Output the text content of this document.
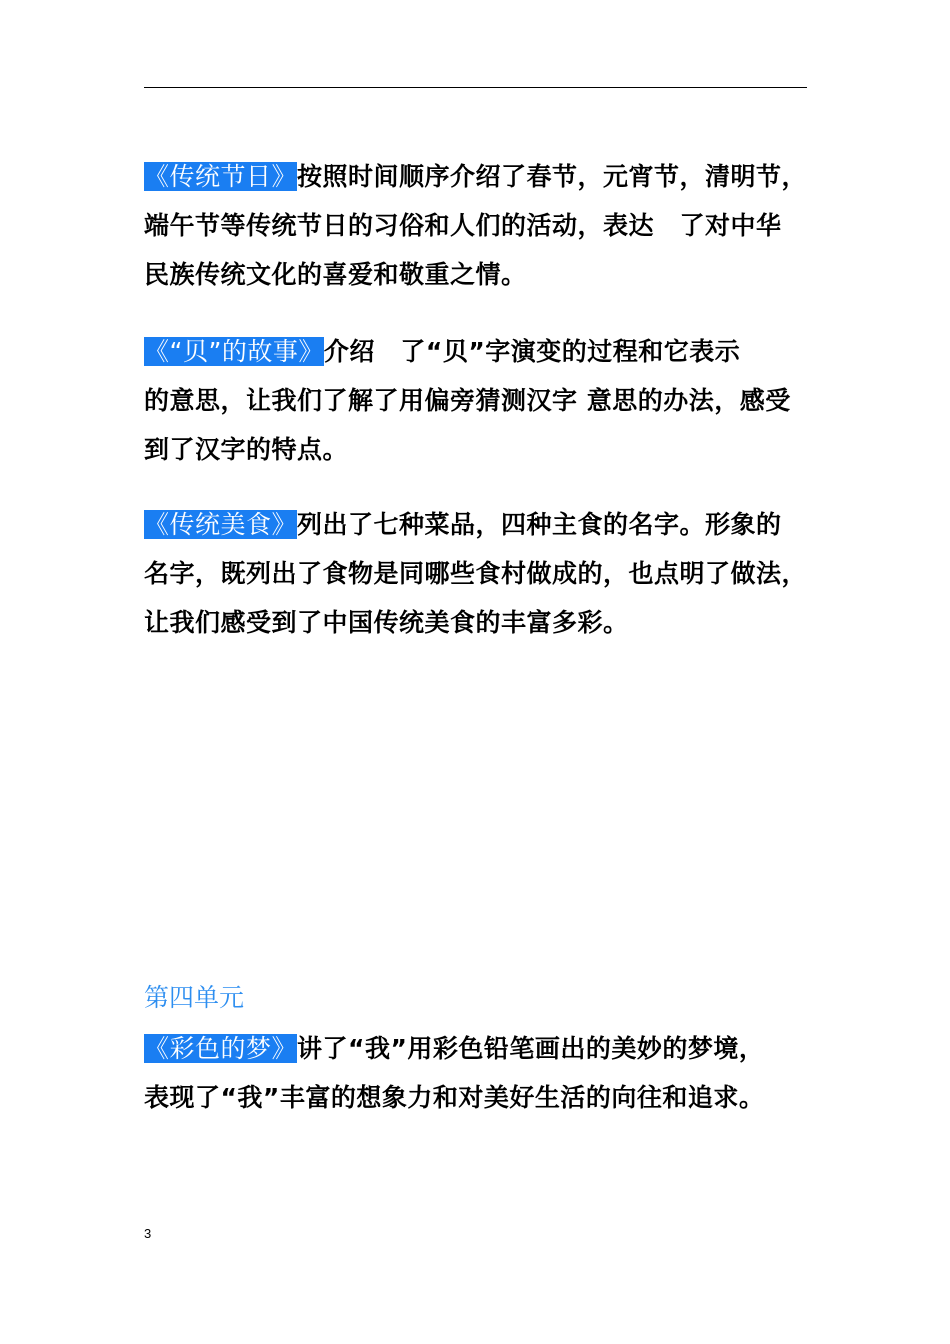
《传统节日》按照时间顺序介绍了春节，元宵节，清明节，
端午节等传统节日的习俗和人们的活动，表达　了对中华
民族传统文化的喜爱和敬重之情。

《“贝”的故事》介绍　了“贝”字演变的过程和它表示
的意思，让我们了解了用偏旁猜测汉字 意思的办法，感受
到了汉字的特点。

《传统美食》列出了七种菜品，四种主食的名字。形象的
名字，既列出了食物是同哪些食村做成的，也点明了做法，
让我们感受到了中国传统美食的丰富多彩。

第四单元

《彩色的梦》讲了“我”用彩色铅笔画出的美妙的梦境，
表现了“我”丰富的想象力和对美好生活的向往和追求。

3
